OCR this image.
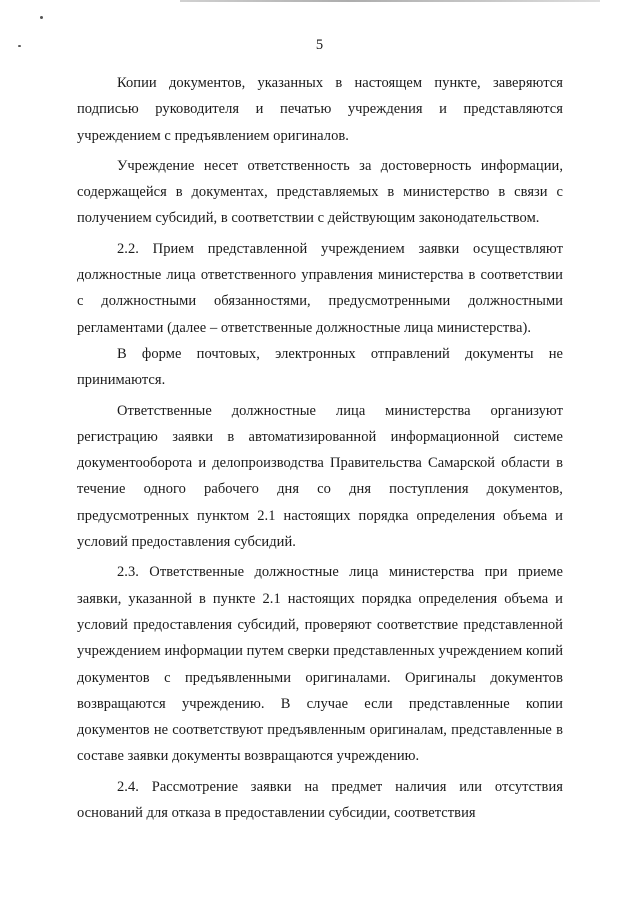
5

Копии документов, указанных в настоящем пункте, заверяются подписью руководителя и печатью учреждения и представляются учреждением с предъявлением оригиналов.

Учреждение несет ответственность за достоверность информации, содержащейся в документах, представляемых в министерство в связи с получением субсидий, в соответствии с действующим законодательством.

2.2. Прием представленной учреждением заявки осуществляют должностные лица ответственного управления министерства в соответствии с должностными обязанностями, предусмотренными должностными регламентами (далее – ответственные должностные лица министерства).

В форме почтовых, электронных отправлений документы не принимаются.

Ответственные должностные лица министерства организуют регистрацию заявки в автоматизированной информационной системе документооборота и делопроизводства Правительства Самарской области в течение одного рабочего дня со дня поступления документов, предусмотренных пунктом 2.1 настоящих порядка определения объема и условий предоставления субсидий.

2.3. Ответственные должностные лица министерства при приеме заявки, указанной в пункте 2.1 настоящих порядка определения объема и условий предоставления субсидий, проверяют соответствие представленной учреждением информации путем сверки представленных учреждением копий документов с предъявленными оригиналами. Оригиналы документов возвращаются учреждению. В случае если представленные копии документов не соответствуют предъявленным оригиналам, представленные в составе заявки документы возвращаются учреждению.

2.4. Рассмотрение заявки на предмет наличия или отсутствия оснований для отказа в предоставлении субсидии, соответствия
